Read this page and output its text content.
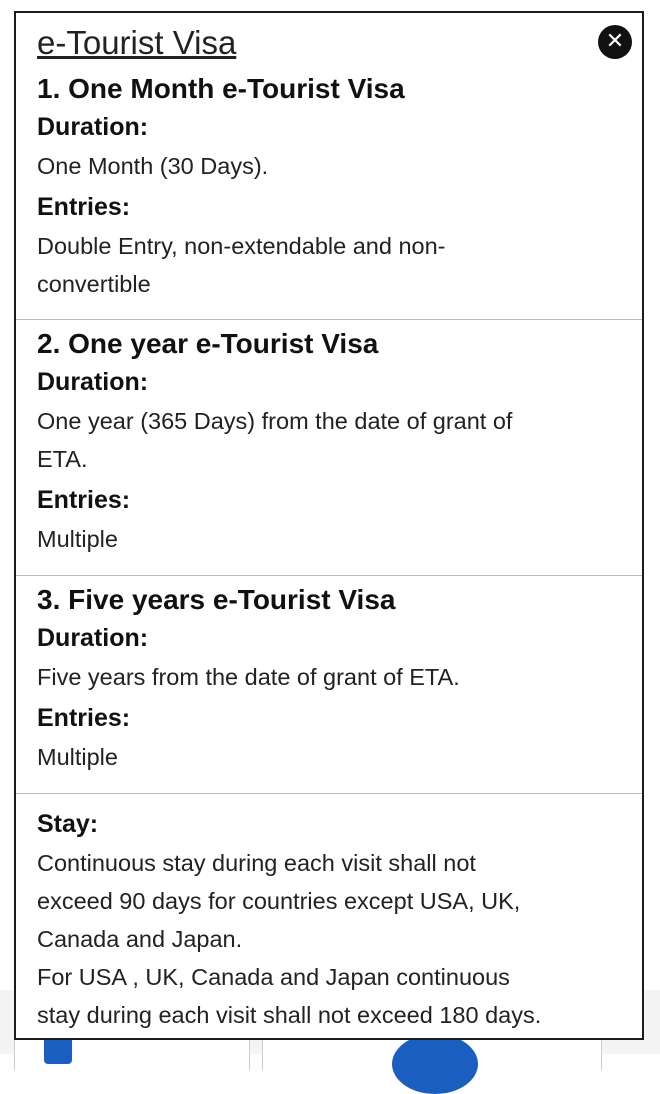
✕
e-Tourist Visa

1. One Month e-Tourist Visa

Duration:

One Month (30 Days).

Entries:

Double Entry, non-extendable and non-

convertible

2. One year e-Tourist Visa

Duration:

One year (365 Days) from the date of grant of

ETA.

Entries:

Multiple

3. Five years e-Tourist Visa

Duration:

Five years from the date of grant of ETA.

Entries:

Multiple

Stay:

Continuous stay during each visit shall not

exceed 90 days for countries except USA, UK,

Canada and Japan.

For USA , UK, Canada and Japan continuous

stay during each visit shall not exceed 180 days.
